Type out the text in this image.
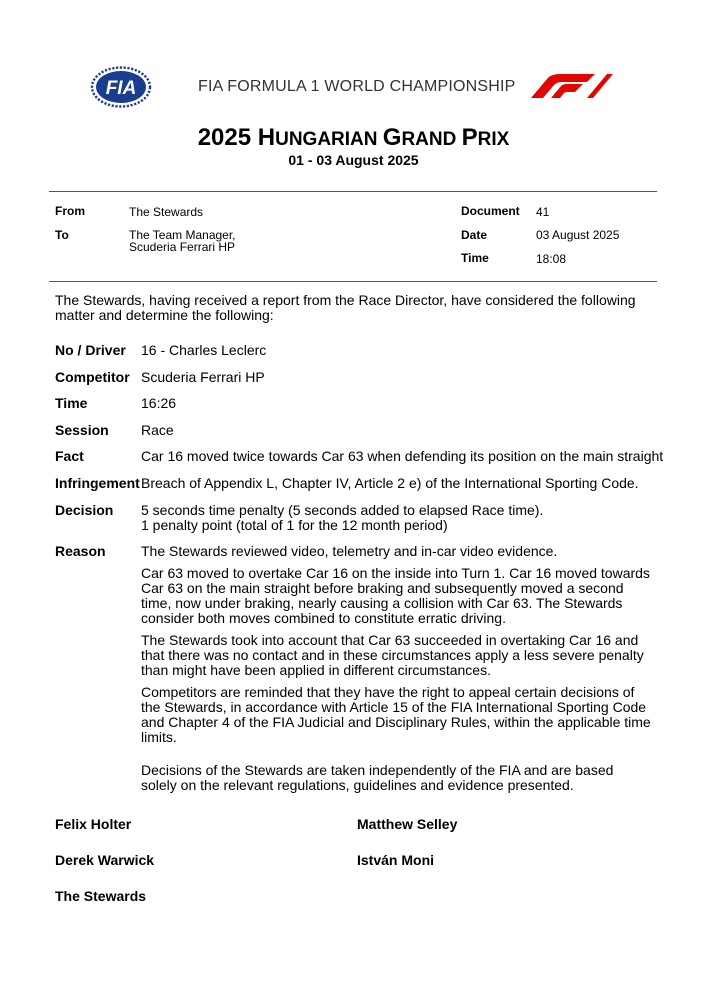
FIA	FIA FORMULA 1 WORLD CHAMPIONSHIP
2025 HUNGARIAN GRAND PRIX
01 - 03 August 2025
From	The Stewards
To	The Team Manager,
Scuderia Ferrari HP
Document 41
Date	03 August 2025
Time	18:08
The Stewards, having received a report from the Race Director, have considered the following matter and determine the following:
No / Driver 16 - Charles Leclerc
Competitor Scuderia Ferrari HP
Time	16:26
Session Race
Fact	Car 16 moved twice towards Car 63 when defending its position on the main straight
Infringement Breach of Appendix L, Chapter IV, Article 2 e) of the International Sporting Code.
Decision 5 seconds time penalty (5 seconds added to elapsed Race time).
1 penalty point (total of 1 for the 12 month period)
Reason	The Stewards reviewed video, telemetry and in-car video evidence.

Car 63 moved to overtake Car 16 on the inside into Turn 1. Car 16 moved towards Car 63 on the main straight before braking and subsequently moved a second time, now under braking, nearly causing a collision with Car 63. The Stewards consider both moves combined to constitute erratic driving.

The Stewards took into account that Car 63 succeeded in overtaking Car 16 and that there was no contact and in these circumstances apply a less severe penalty than might have been applied in different circumstances.

Competitors are reminded that they have the right to appeal certain decisions of the Stewards, in accordance with Article 15 of the FIA International Sporting Code and Chapter 4 of the FIA Judicial and Disciplinary Rules, within the applicable time limits.

Decisions of the Stewards are taken independently of the FIA and are based solely on the relevant regulations, guidelines and evidence presented.

Felix Holter	Matthew Selley
Derek Warwick	István Moni
The Stewards
